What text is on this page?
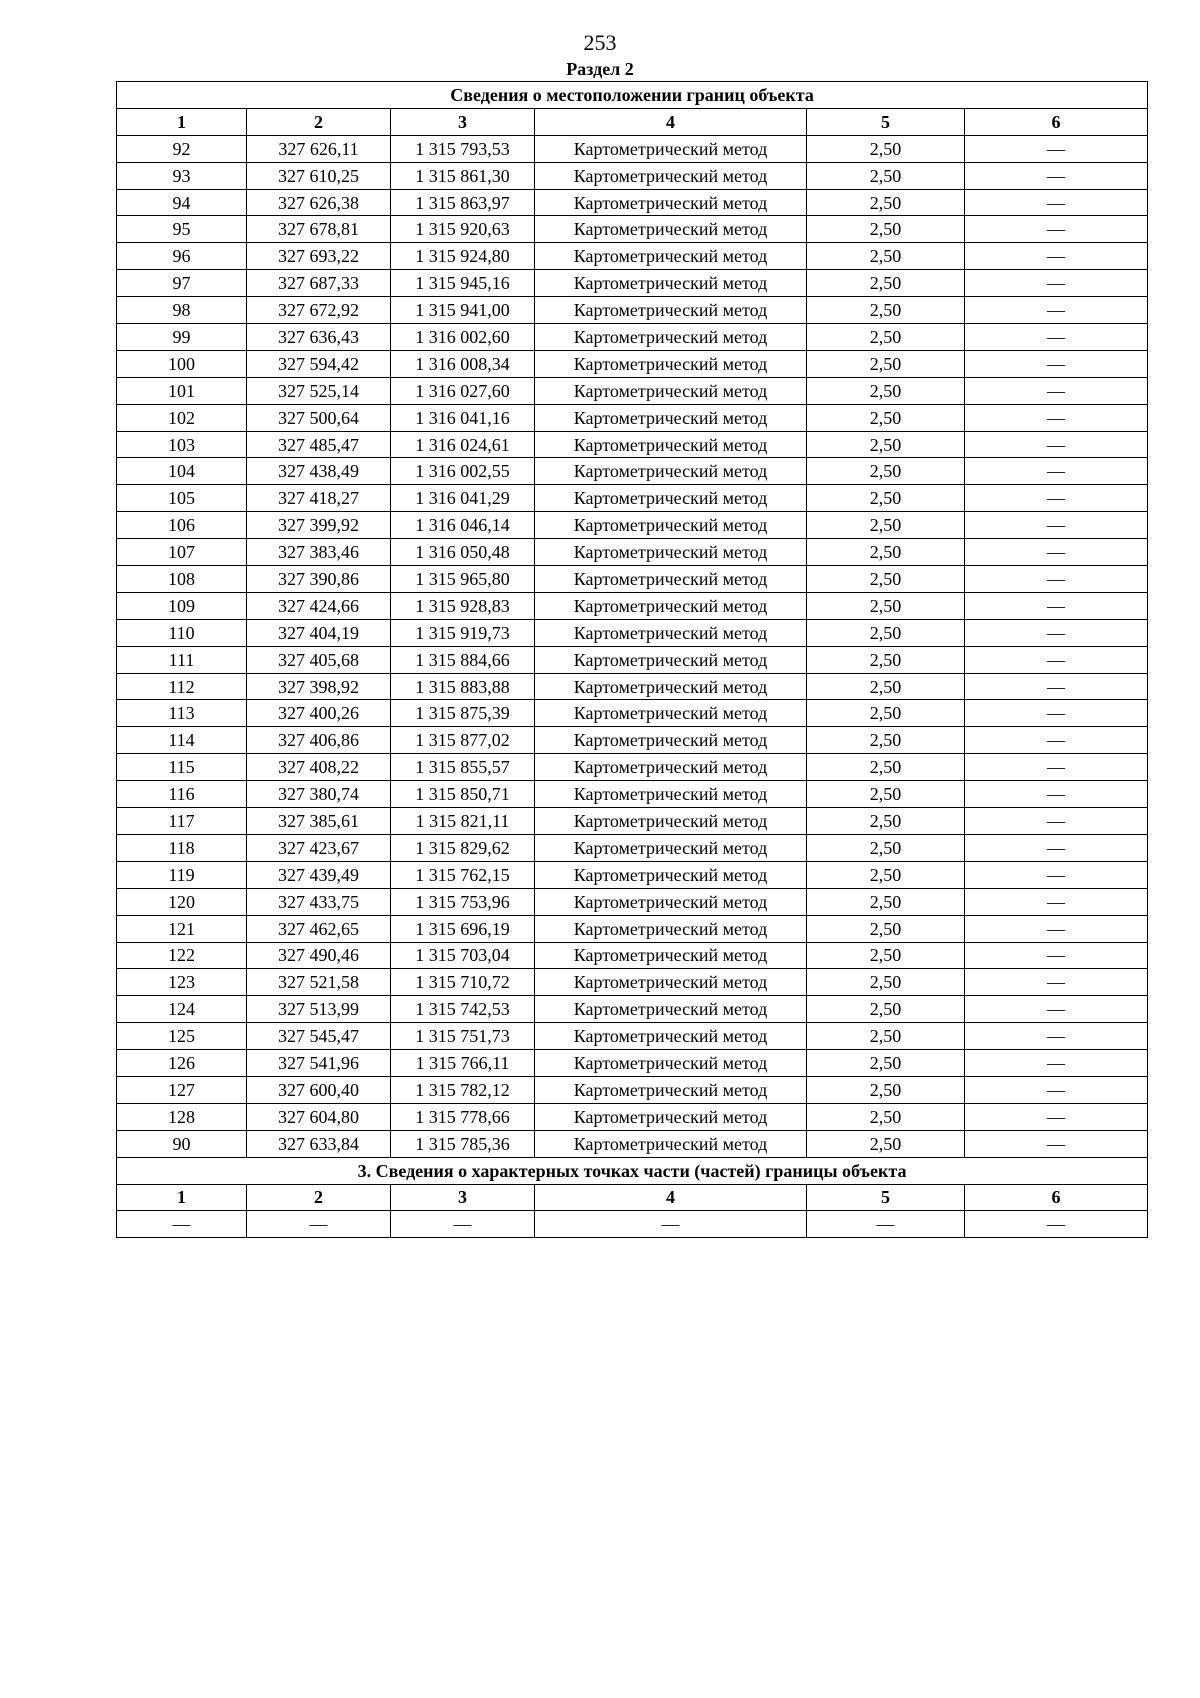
253
Раздел 2
Сведения о местоположении границ объекта					
1	2	3	4	5	6
92	327 626,11	1 315 793,53	Картометрический метод	2,50	—
93	327 610,25	1 315 861,30	Картометрический метод	2,50	—
94	327 626,38	1 315 863,97	Картометрический метод	2,50	—
95	327 678,81	1 315 920,63	Картометрический метод	2,50	—
96	327 693,22	1 315 924,80	Картометрический метод	2,50	—
97	327 687,33	1 315 945,16	Картометрический метод	2,50	—
98	327 672,92	1 315 941,00	Картометрический метод	2,50	—
99	327 636,43	1 316 002,60	Картометрический метод	2,50	—
100	327 594,42	1 316 008,34	Картометрический метод	2,50	—
101	327 525,14	1 316 027,60	Картометрический метод	2,50	—
102	327 500,64	1 316 041,16	Картометрический метод	2,50	—
103	327 485,47	1 316 024,61	Картометрический метод	2,50	—
104	327 438,49	1 316 002,55	Картометрический метод	2,50	—
105	327 418,27	1 316 041,29	Картометрический метод	2,50	—
106	327 399,92	1 316 046,14	Картометрический метод	2,50	—
107	327 383,46	1 316 050,48	Картометрический метод	2,50	—
108	327 390,86	1 315 965,80	Картометрический метод	2,50	—
109	327 424,66	1 315 928,83	Картометрический метод	2,50	—
110	327 404,19	1 315 919,73	Картометрический метод	2,50	—
111	327 405,68	1 315 884,66	Картометрический метод	2,50	—
112	327 398,92	1 315 883,88	Картометрический метод	2,50	—
113	327 400,26	1 315 875,39	Картометрический метод	2,50	—
114	327 406,86	1 315 877,02	Картометрический метод	2,50	—
115	327 408,22	1 315 855,57	Картометрический метод	2,50	—
116	327 380,74	1 315 850,71	Картометрический метод	2,50	—
117	327 385,61	1 315 821,11	Картометрический метод	2,50	—
118	327 423,67	1 315 829,62	Картометрический метод	2,50	—
119	327 439,49	1 315 762,15	Картометрический метод	2,50	—
120	327 433,75	1 315 753,96	Картометрический метод	2,50	—
121	327 462,65	1 315 696,19	Картометрический метод	2,50	—
122	327 490,46	1 315 703,04	Картометрический метод	2,50	—
123	327 521,58	1 315 710,72	Картометрический метод	2,50	—
124	327 513,99	1 315 742,53	Картометрический метод	2,50	—
125	327 545,47	1 315 751,73	Картометрический метод	2,50	—
126	327 541,96	1 315 766,11	Картометрический метод	2,50	—
127	327 600,40	1 315 782,12	Картометрический метод	2,50	—
128	327 604,80	1 315 778,66	Картометрический метод	2,50	—
90	327 633,84	1 315 785,36	Картометрический метод	2,50	—
3. Сведения о характерных точках части (частей) границы объекта					
1	2	3	4	5	6
—	—	—	—	—	—
